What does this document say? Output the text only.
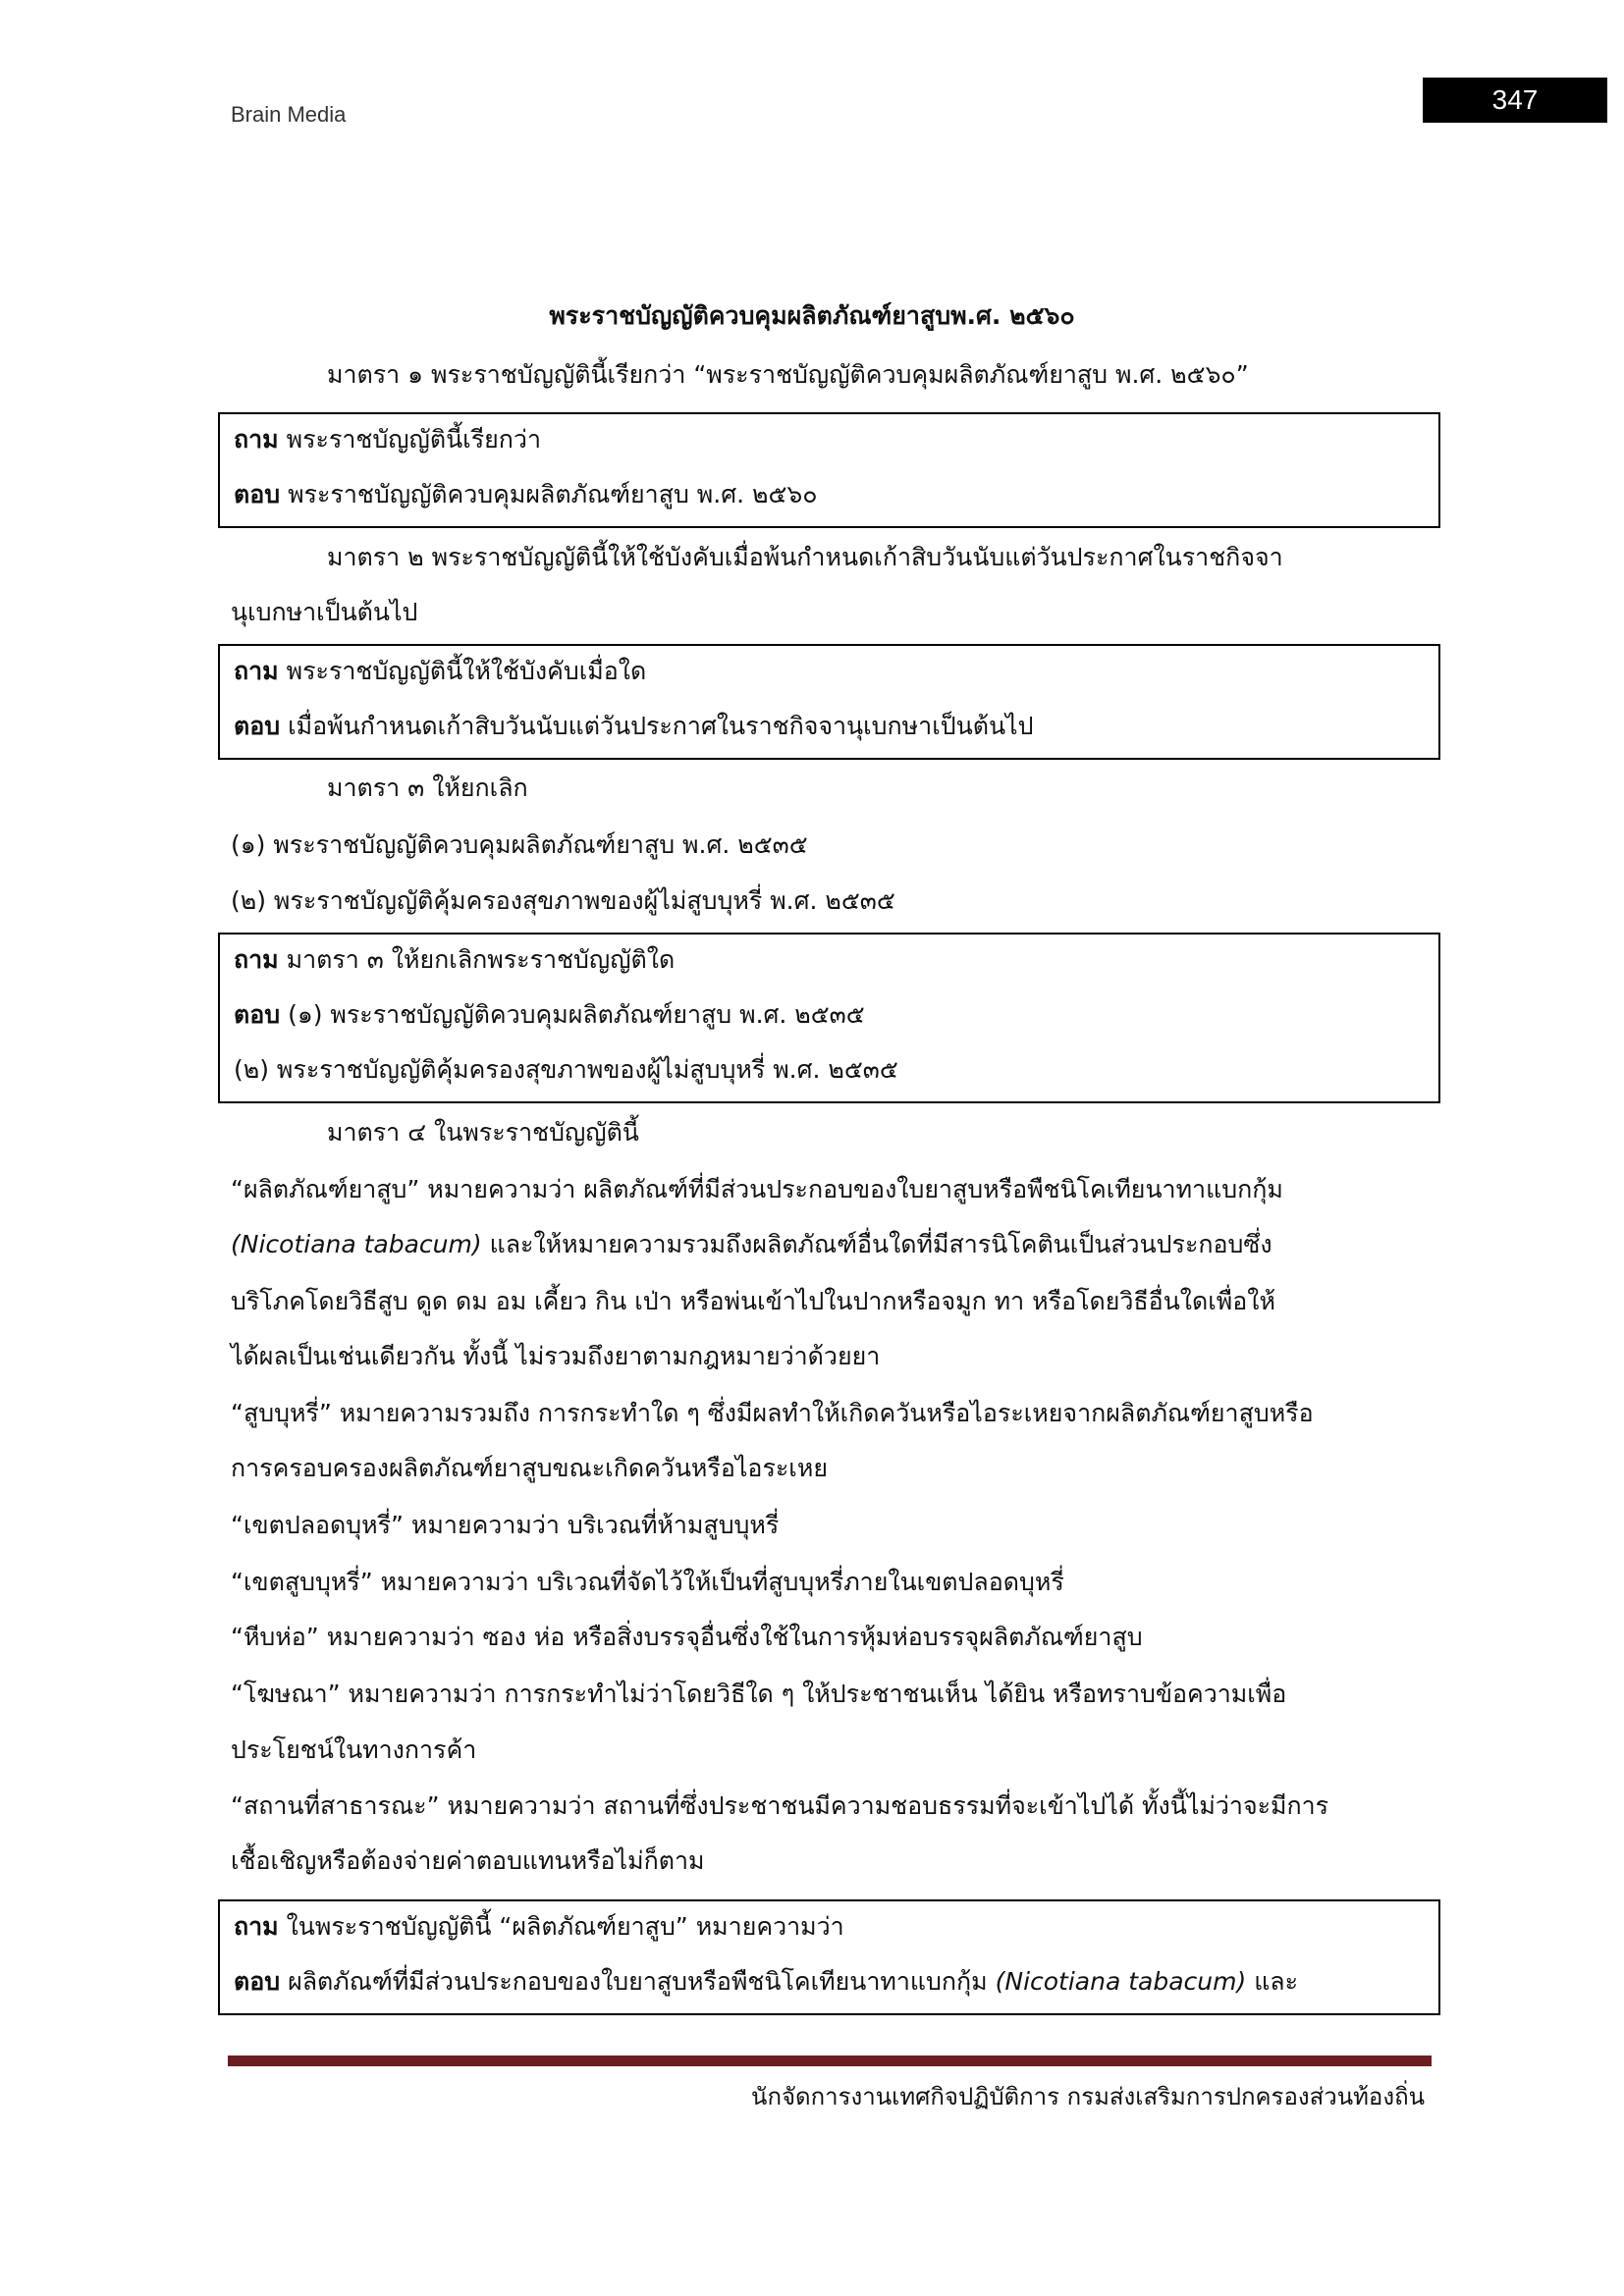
Brain Media	347
พระราชบัญญัติควบคุมผลิตภัณฑ์ยาสูบพ.ศ. ๒๕๖๐
มาตรา ๑ พระราชบัญญัตินี้เรียกว่า “พระราชบัญญัติควบคุมผลิตภัณฑ์ยาสูบ พ.ศ. ๒๕๖๐”
ถาม พระราชบัญญัตินี้เรียกว่า
ตอบ พระราชบัญญัติควบคุมผลิตภัณฑ์ยาสูบ พ.ศ. ๒๕๖๐
มาตรา ๒ พระราชบัญญัตินี้ให้ใช้บังคับเมื่อพ้นกำหนดเก้าสิบวันนับแต่วันประกาศในราชกิจจา
นุเบกษาเป็นต้นไป
ถาม พระราชบัญญัตินี้ให้ใช้บังคับเมื่อใด
ตอบ เมื่อพ้นกำหนดเก้าสิบวันนับแต่วันประกาศในราชกิจจานุเบกษาเป็นต้นไป
มาตรา ๓ ให้ยกเลิก
(๑) พระราชบัญญัติควบคุมผลิตภัณฑ์ยาสูบ พ.ศ. ๒๕๓๕
(๒) พระราชบัญญัติคุ้มครองสุขภาพของผู้ไม่สูบบุหรี่ พ.ศ. ๒๕๓๕
ถาม มาตรา ๓ ให้ยกเลิกพระราชบัญญัติใด
ตอบ (๑) พระราชบัญญัติควบคุมผลิตภัณฑ์ยาสูบ พ.ศ. ๒๕๓๕
(๒) พระราชบัญญัติคุ้มครองสุขภาพของผู้ไม่สูบบุหรี่ พ.ศ. ๒๕๓๕
มาตรา ๔ ในพระราชบัญญัตินี้
“ผลิตภัณฑ์ยาสูบ” หมายความว่า ผลิตภัณฑ์ที่มีส่วนประกอบของใบยาสูบหรือพืชนิโคเทียนาทาแบกกุ้ม
(Nicotiana tabacum) และให้หมายความรวมถึงผลิตภัณฑ์อื่นใดที่มีสารนิโคตินเป็นส่วนประกอบซึ่ง
บริโภคโดยวิธีสูบ ดูด ดม อม เคี้ยว กิน เป่า หรือพ่นเข้าไปในปากหรือจมูก ทา หรือโดยวิธีอื่นใดเพื่อให้
ได้ผลเป็นเช่นเดียวกัน ทั้งนี้ ไม่รวมถึงยาตามกฎหมายว่าด้วยยา
“สูบบุหรี่” หมายความรวมถึง การกระทำใด ๆ ซึ่งมีผลทำให้เกิดควันหรือไอระเหยจากผลิตภัณฑ์ยาสูบหรือ
การครอบครองผลิตภัณฑ์ยาสูบขณะเกิดควันหรือไอระเหย
“เขตปลอดบุหรี่” หมายความว่า บริเวณที่ห้ามสูบบุหรี่
“เขตสูบบุหรี่” หมายความว่า บริเวณที่จัดไว้ให้เป็นที่สูบบุหรี่ภายในเขตปลอดบุหรี่
“หีบห่อ” หมายความว่า ซอง ห่อ หรือสิ่งบรรจุอื่นซึ่งใช้ในการหุ้มห่อบรรจุผลิตภัณฑ์ยาสูบ
“โฆษณา” หมายความว่า การกระทำไม่ว่าโดยวิธีใด ๆ ให้ประชาชนเห็น ได้ยิน หรือทราบข้อความเพื่อ
ประโยชน์ในทางการค้า
“สถานที่สาธารณะ” หมายความว่า สถานที่ซึ่งประชาชนมีความชอบธรรมที่จะเข้าไปได้ ทั้งนี้ไม่ว่าจะมีการ
เชื้อเชิญหรือต้องจ่ายค่าตอบแทนหรือไม่ก็ตาม
ถาม ในพระราชบัญญัตินี้ “ผลิตภัณฑ์ยาสูบ” หมายความว่า
ตอบ ผลิตภัณฑ์ที่มีส่วนประกอบของใบยาสูบหรือพืชนิโคเทียนาทาแบกกุ้ม (Nicotiana tabacum) และ
นักจัดการงานเทศกิจปฏิบัติการ กรมส่งเสริมการปกครองส่วนท้องถิ่น
